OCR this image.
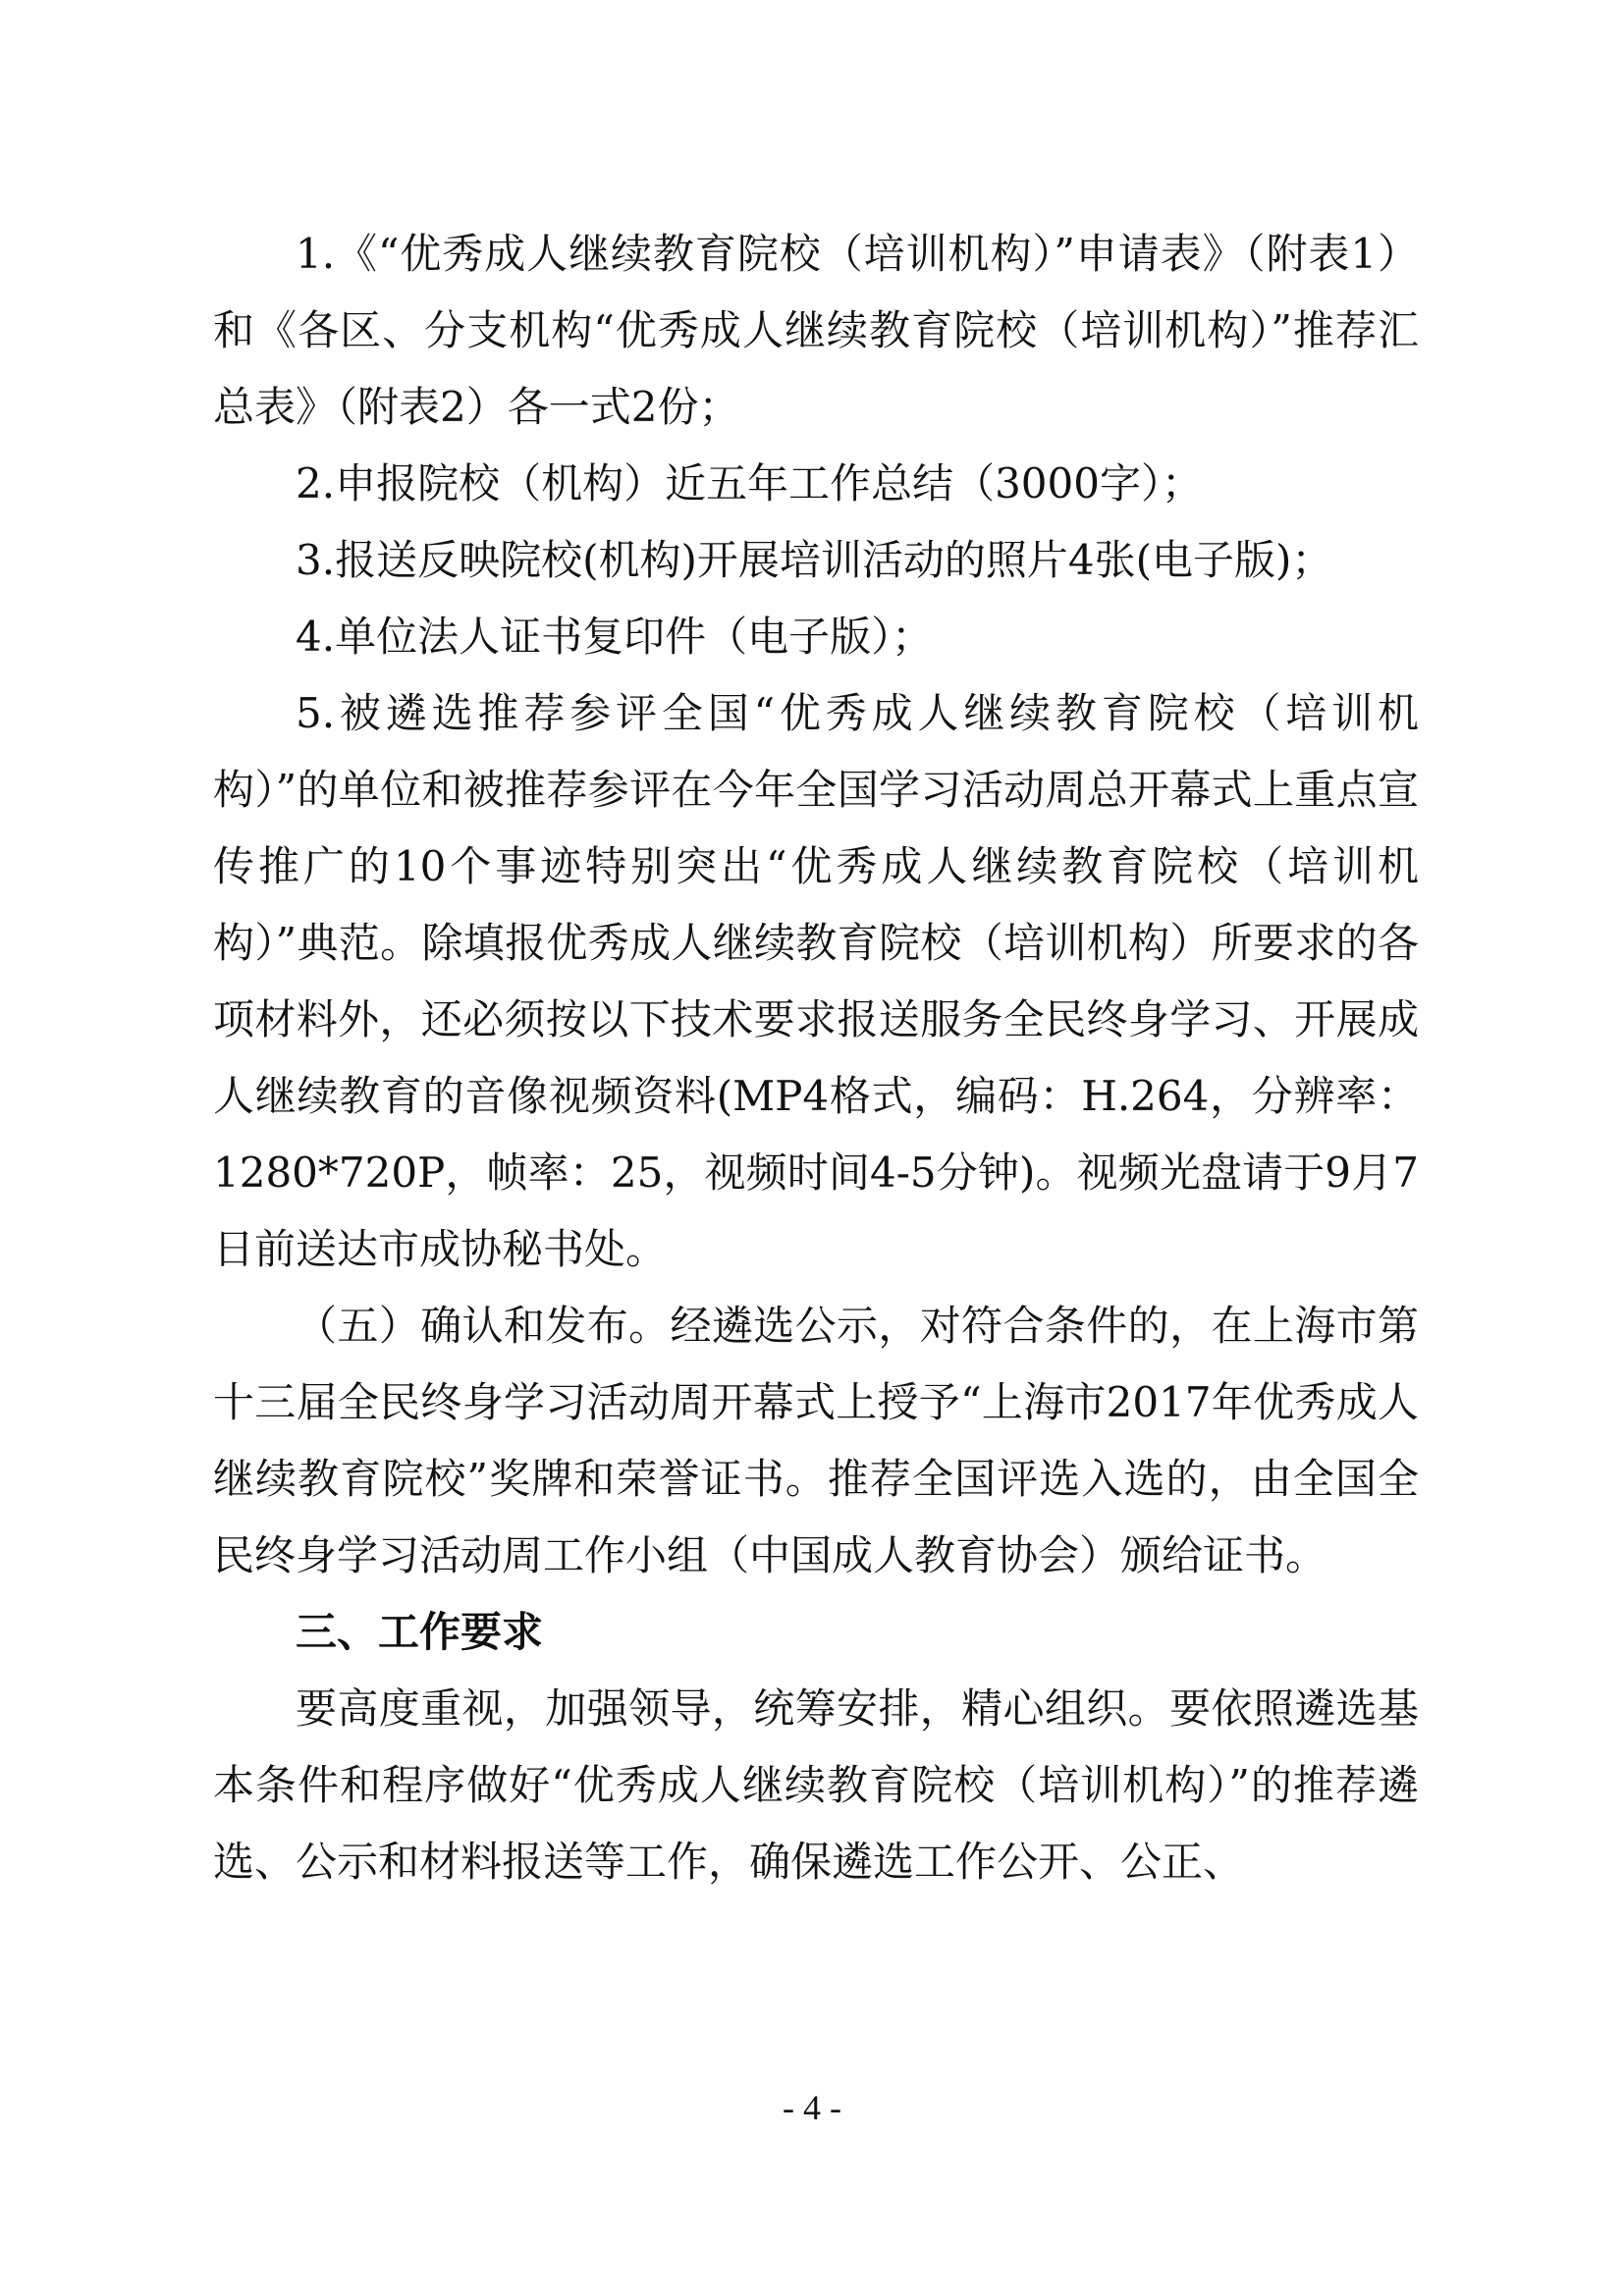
1.《“优秀成人继续教育院校（培训机构）”申请表》（附表1）和《各区、分支机构“优秀成人继续教育院校（培训机构）”推荐汇总表》（附表2）各一式2份；

2.申报院校（机构）近五年工作总结（3000字）；

3.报送反映院校(机构)开展培训活动的照片4张(电子版)；

4.单位法人证书复印件（电子版）；

5.被遴选推荐参评全国“优秀成人继续教育院校（培训机构）”的单位和被推荐参评在今年全国学习活动周总开幕式上重点宣传推广的10个事迹特别突出“优秀成人继续教育院校（培训机构）”典范。除填报优秀成人继续教育院校（培训机构）所要求的各项材料外，还必须按以下技术要求报送服务全民终身学习、开展成人继续教育的音像视频资料(MP4格式，编码：H.264，分辨率：1280*720P，帧率：25，视频时间4-5分钟)。视频光盘请于9月7日前送达市成协秘书处。

（五）确认和发布。经遴选公示，对符合条件的，在上海市第十三届全民终身学习活动周开幕式上授予“上海市2017年优秀成人继续教育院校”奖牌和荣誉证书。推荐全国评选入选的，由全国全民终身学习活动周工作小组（中国成人教育协会）颁给证书。

三、工作要求

要高度重视，加强领导，统筹安排，精心组织。要依照遴选基本条件和程序做好“优秀成人继续教育院校（培训机构）”的推荐遴选、公示和材料报送等工作，确保遴选工作公开、公正、

- 4 -
